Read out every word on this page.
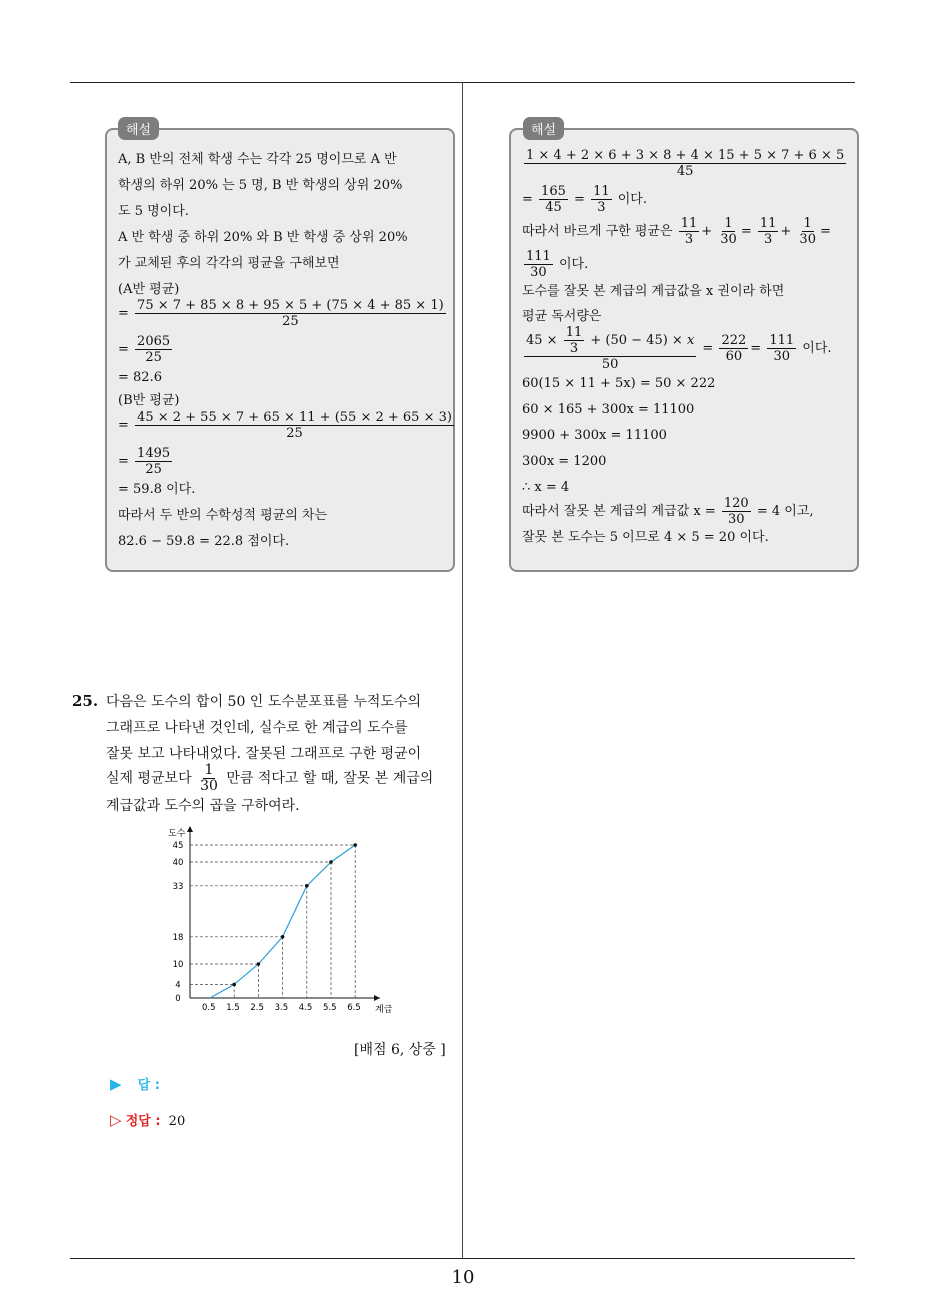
해설
A, B 반의 전체 학생 수는 각각 25 명이므로 A 반
학생의 하위 20% 는 5 명, B 반 학생의 상위 20%
도 5 명이다.
A 반 학생 중 하위 20% 와 B 반 학생 중 상위 20%
가 교체된 후의 각각의 평균을 구해보면
(A반 평균)
= $\frac{75 \times 7 + 85 \times 8 + 95 \times 5 + (75 \times 4 + 85 \times 1)}{25}$
= $\frac{2065}{25}$
= 82.6
(B반 평균)
= $\frac{45 \times 2 + 55 \times 7 + 65 \times 11 + (55 \times 2 + 65 \times 3)}{25}$
= $\frac{1495}{25}$
= 59.8 이다.
따라서 두 반의 수학성적 평균의 차는
82.6 − 59.8 = 22.8 점이다.
해설
$\frac{1 \times 4 + 2 \times 6 + 3 \times 8 + 4 \times 15 + 5 \times 7 + 6 \times 5}{45}$
= $\frac{165}{45} = \frac{11}{3}$ 이다.
따라서 바르게 구한 평균은 $\frac{11}{3} + \frac{1}{30} = \frac{11}{3} + \frac{1}{30}$ =
$\frac{111}{30}$ 이다.
도수를 잘못 본 계급의 계급값을 x 권이라 하면
평균 독서량은
$\frac{45 \times \frac{11}{3} + (50 - 45) \times x}{50} = \frac{222}{60} = \frac{111}{30}$ 이다.
60(15 × 11 + 5x) = 50 × 222
60 × 165 + 300x = 11100
9900 + 300x = 11100
300x = 1200
∴ x = 4
따라서 잘못 본 계급의 계급값 $x = \frac{120}{30} = 4$ 이고,
잘못 본 도수는 5 이므로 4 × 5 = 20 이다.
25. 다음은 도수의 합이 50 인 도수분포표를 누적도수의
그래프로 나타낸 것인데, 실수로 한 계급의 도수를
잘못 보고 나타내었다. 잘못된 그래프로 구한 평균이
실제 평균보다 $\frac{1}{30}$ 만큼 적다고 할 때, 잘못 본 계급의
계급값과 도수의 곱을 구하여라.
도수
계급
0.5 1.5 2.5 3.5 4.5 5.5 6.5
0
4
10
18
33
40
45
[배점 6, 상중 ]
▶ 답 :
▷ 정답 : 20
10
